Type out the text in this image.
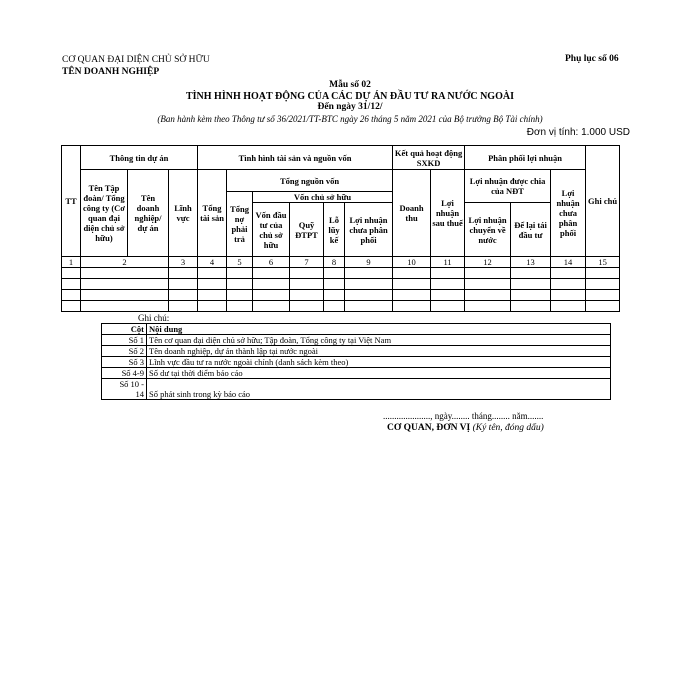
CƠ QUAN ĐẠI DIỆN CHỦ SỞ HỮU
TÊN DOANH NGHIỆP
Phụ lục số 06
Mẫu số 02
TÌNH HÌNH HOẠT ĐỘNG CỦA CÁC DỰ ÁN ĐẦU TƯ RA NƯỚC NGOÀI
Đến ngày 31/12/
(Ban hành kèm theo Thông tư số 36/2021/TT-BTC ngày 26 tháng 5 năm 2021 của Bộ trưởng Bộ Tài chính)
Đơn vị tính: 1.000 USD
TT	Thông tin dự án			Tình hình tài sản và nguồn vốn						Kết quả hoạt động SXKD		Phân phối lợi nhuận			Ghi chú
	Tên Tập đoàn/ Tổng công ty (Cơ quan đại diện chủ sở hữu)	Tên doanh nghiệp/ dự án	Lĩnh vực	Tổng tài sản	Tổng nguồn vốn					Doanh thu	Lợi nhuận sau thuế	Lợi nhuận được chia của NĐT		Lợi nhuận chưa phân phối	
					Tổng nợ phải trả	Vốn chủ sở hữu									
						Vốn đầu tư của chủ sở hữu	Quỹ ĐTPT	Lỗ lũy kế	Lợi nhuận chưa phân phối			Lợi nhuận chuyển về nước	Để lại tái đầu tư		

1	2		3	4	5	6	7	8	9	10	11	12	13	14	15

Ghi chú:
Cột	Nội dung
Số 1	Tên cơ quan đại diện chủ sở hữu; Tập đoàn, Tổng công ty tại Việt Nam
Số 2	Tên doanh nghiệp, dự án thành lập tại nước ngoài
Số 3	Lĩnh vực đầu tư ra nước ngoài chính (danh sách kèm theo)
Số 4-9	Số dư tại thời điểm báo cáo

Số 10 -
14	Số phát sinh trong kỳ báo cáo
....................., ngày........ tháng........ năm.......
CƠ QUAN, ĐƠN VỊ (Ký tên, đóng dấu)
